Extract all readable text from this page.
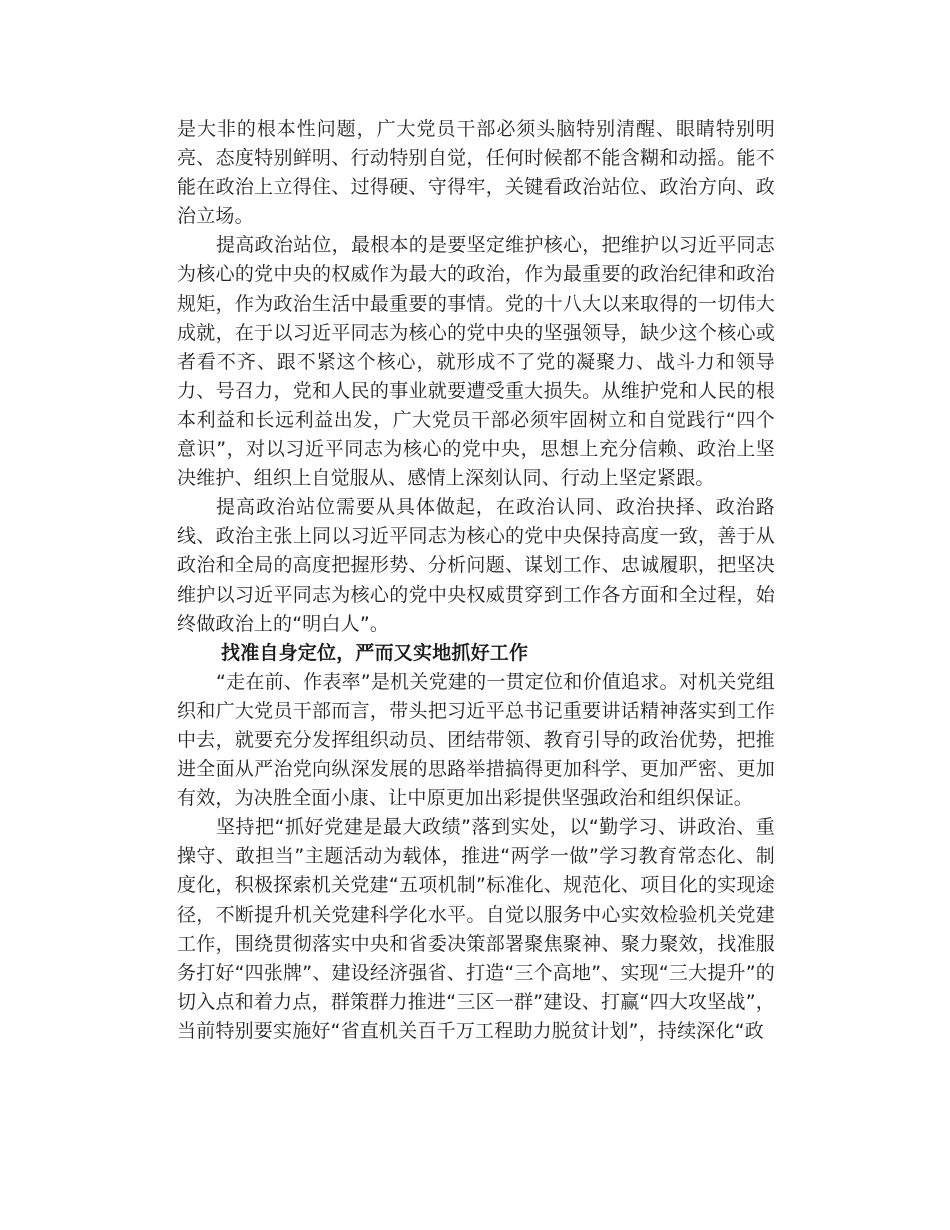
是大非的根本性问题，广大党员干部必须头脑特别清醒、眼睛特别明亮、态度特别鲜明、行动特别自觉，任何时候都不能含糊和动摇。能不能在政治上立得住、过得硬、守得牢，关键看政治站位、政治方向、政治立场。

提高政治站位，最根本的是要坚定维护核心，把维护以习近平同志为核心的党中央的权威作为最大的政治，作为最重要的政治纪律和政治规矩，作为政治生活中最重要的事情。党的十八大以来取得的一切伟大成就，在于以习近平同志为核心的党中央的坚强领导，缺少这个核心或者看不齐、跟不紧这个核心，就形成不了党的凝聚力、战斗力和领导力、号召力，党和人民的事业就要遭受重大损失。从维护党和人民的根本利益和长远利益出发，广大党员干部必须牢固树立和自觉践行“四个意识”，对以习近平同志为核心的党中央，思想上充分信赖、政治上坚决维护、组织上自觉服从、感情上深刻认同、行动上坚定紧跟。

提高政治站位需要从具体做起，在政治认同、政治抉择、政治路线、政治主张上同以习近平同志为核心的党中央保持高度一致，善于从政治和全局的高度把握形势、分析问题、谋划工作、忠诚履职，把坚决维护以习近平同志为核心的党中央权威贯穿到工作各方面和全过程，始终做政治上的“明白人”。

找准自身定位，严而又实地抓好工作

“走在前、作表率”是机关党建的一贯定位和价值追求。对机关党组织和广大党员干部而言，带头把习近平总书记重要讲话精神落实到工作中去，就要充分发挥组织动员、团结带领、教育引导的政治优势，把推进全面从严治党向纵深发展的思路举措搞得更加科学、更加严密、更加有效，为决胜全面小康、让中原更加出彩提供坚强政治和组织保证。

坚持把“抓好党建是最大政绩”落到实处，以“勤学习、讲政治、重操守、敢担当”主题活动为载体，推进“两学一做”学习教育常态化、制度化，积极探索机关党建“五项机制”标准化、规范化、项目化的实现途径，不断提升机关党建科学化水平。自觉以服务中心实效检验机关党建工作，围绕贯彻落实中央和省委决策部署聚焦聚神、聚力聚效，找准服务打好“四张牌”、建设经济强省、打造“三个高地”、实现“三大提升”的切入点和着力点，群策群力推进“三区一群”建设、打赢“四大攻坚战”，当前特别要实施好“省直机关百千万工程助力脱贫计划”，持续深化“政
